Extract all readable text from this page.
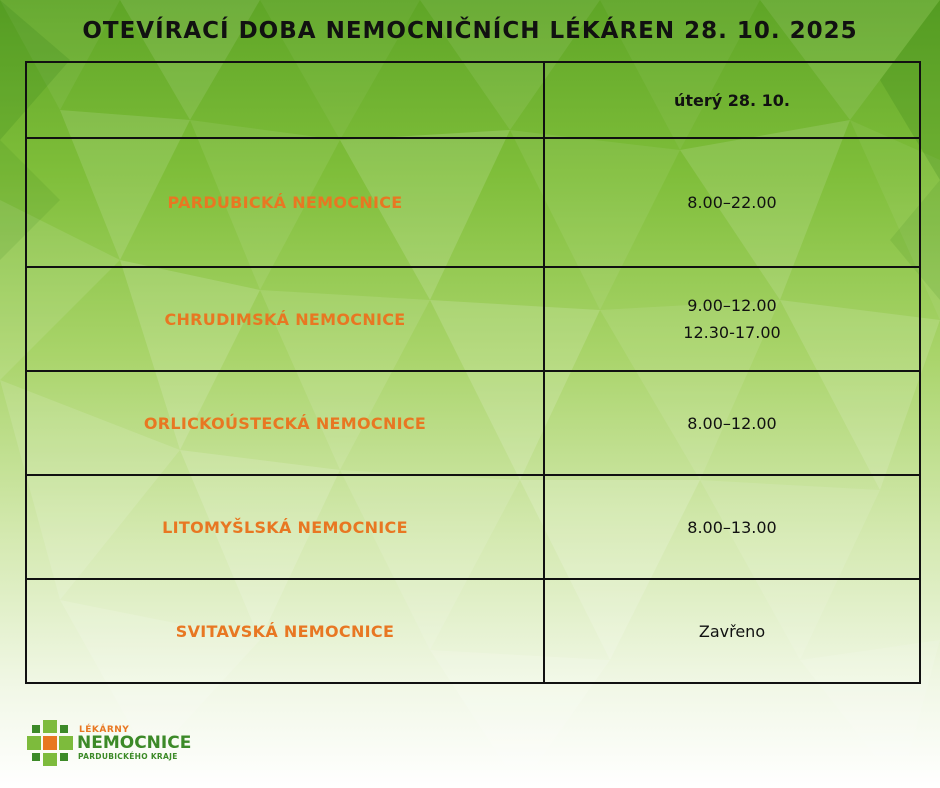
OTEVÍRACÍ DOBA NEMOCNIČNÍCH LÉKÁREN 28. 10. 2025
	úterý 28. 10.
PARDUBICKÁ NEMOCNICE	8.00–22.00

CHRUDIMSKÁ NEMOCNICE	9.00–12.00
12.30-17.00

ORLICKOÚSTECKÁ NEMOCNICE	8.00–12.00

LITOMYŠLSKÁ NEMOCNICE	8.00–13.00

SVITAVSKÁ NEMOCNICE	Zavřeno
LÉKÁRNY
NEMOCNICE
PARDUBICKÉHO KRAJE
